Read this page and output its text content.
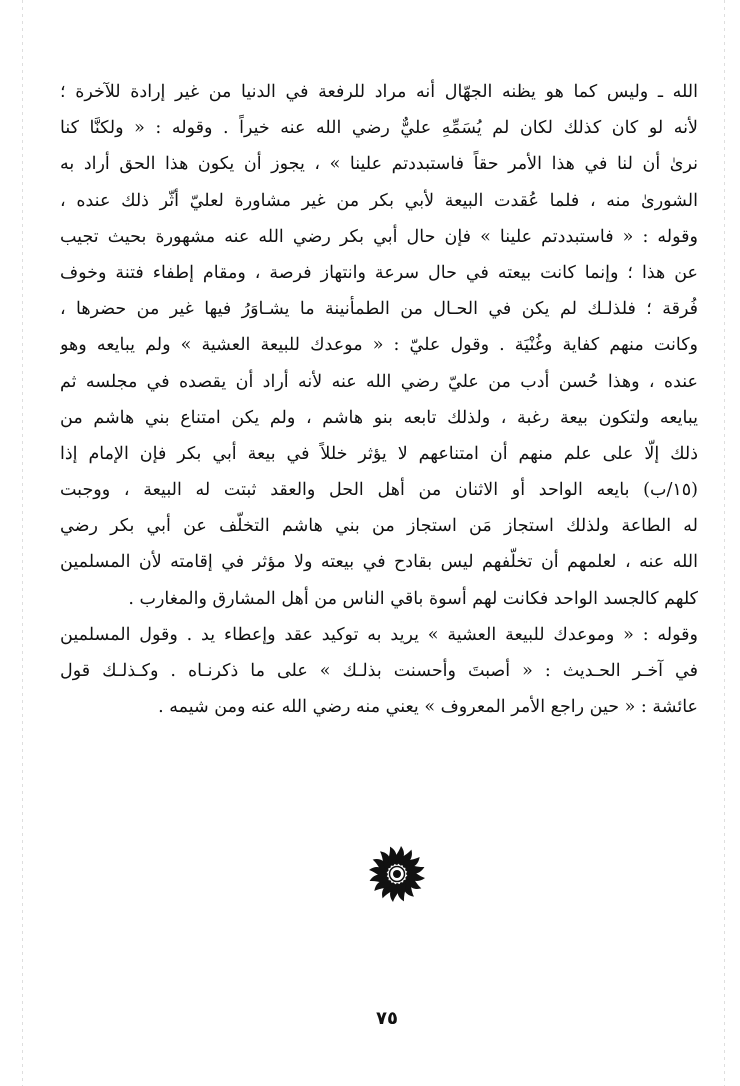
الله ـ وليس كما هو يظنه الجهّال أنه مراد للرفعة في الدنيا من غير إرادة للآخرة ؛
لأنه لو كان كذلك لكان لم يُسَمِّهِ عليٌّ رضي الله عنه خيراً . وقوله : « ولكنَّا كنا
نرىٰ أن لنا في هذا الأمر حقاً فاستبددتم علينا » ، يجوز أن يكون هذا الحق أراد به
الشورىٰ منه ، فلما عُقدت البيعة لأبي بكر من غير مشاورة لعليّ أثّر ذلك عنده ،
وقوله : « فاستبددتم علينا » فإن حال أبي بكر رضي الله عنه مشهورة بحيث تجيب
عن هذا ؛ وإنما كانت بيعته في حال سرعة وانتهاز فرصة ، ومقام إطفاء فتنة وخوف
فُرقة ؛ فلذلـك لم يكن في الحـال من الطمأنينة ما يشـاوَرُ فيها غير من حضرها ،
وكانت منهم كفاية وغُنْيَة . وقول عليّ : « موعدك للبيعة العشية » ولم يبايعه وهو
عنده ، وهذا حُسن أدب من عليّ رضي الله عنه لأنه أراد أن يقصده في مجلسه ثم
يبايعه ولتكون بيعة رغبة ، ولذلك تابعه بنو هاشم ، ولم يكن امتناع بني هاشم من
ذلك إلّا على علم منهم أن امتناعهم لا يؤثر خللاً في بيعة أبي بكر فإن الإمام إذا
(١٥/ب) بايعه الواحد أو الاثنان من أهل الحل والعقد ثبتت له البيعة ، ووجبت
له الطاعة ولذلك استجاز مَن استجاز من بني هاشم التخلّف عن أبي بكر رضي
الله عنه ، لعلمهم أن تخلّفهم ليس بقادح في بيعته ولا مؤثر في إقامته لأن المسلمين
كلهم كالجسد الواحد فكانت لهم أسوة باقي الناس من أهل المشارق والمغارب .
وقوله : « وموعدك للبيعة العشية » يريد به توكيد عقد وإعطاء يد . وقول المسلمين
في آخـر الحـديث : « أصبتَ وأحسنت بذلـك » على ما ذكرنـاه . وكـذلـك قول
عائشة : « حين راجع الأمر المعروف » يعني منه رضي الله عنه ومن شيمه .
٧٥
